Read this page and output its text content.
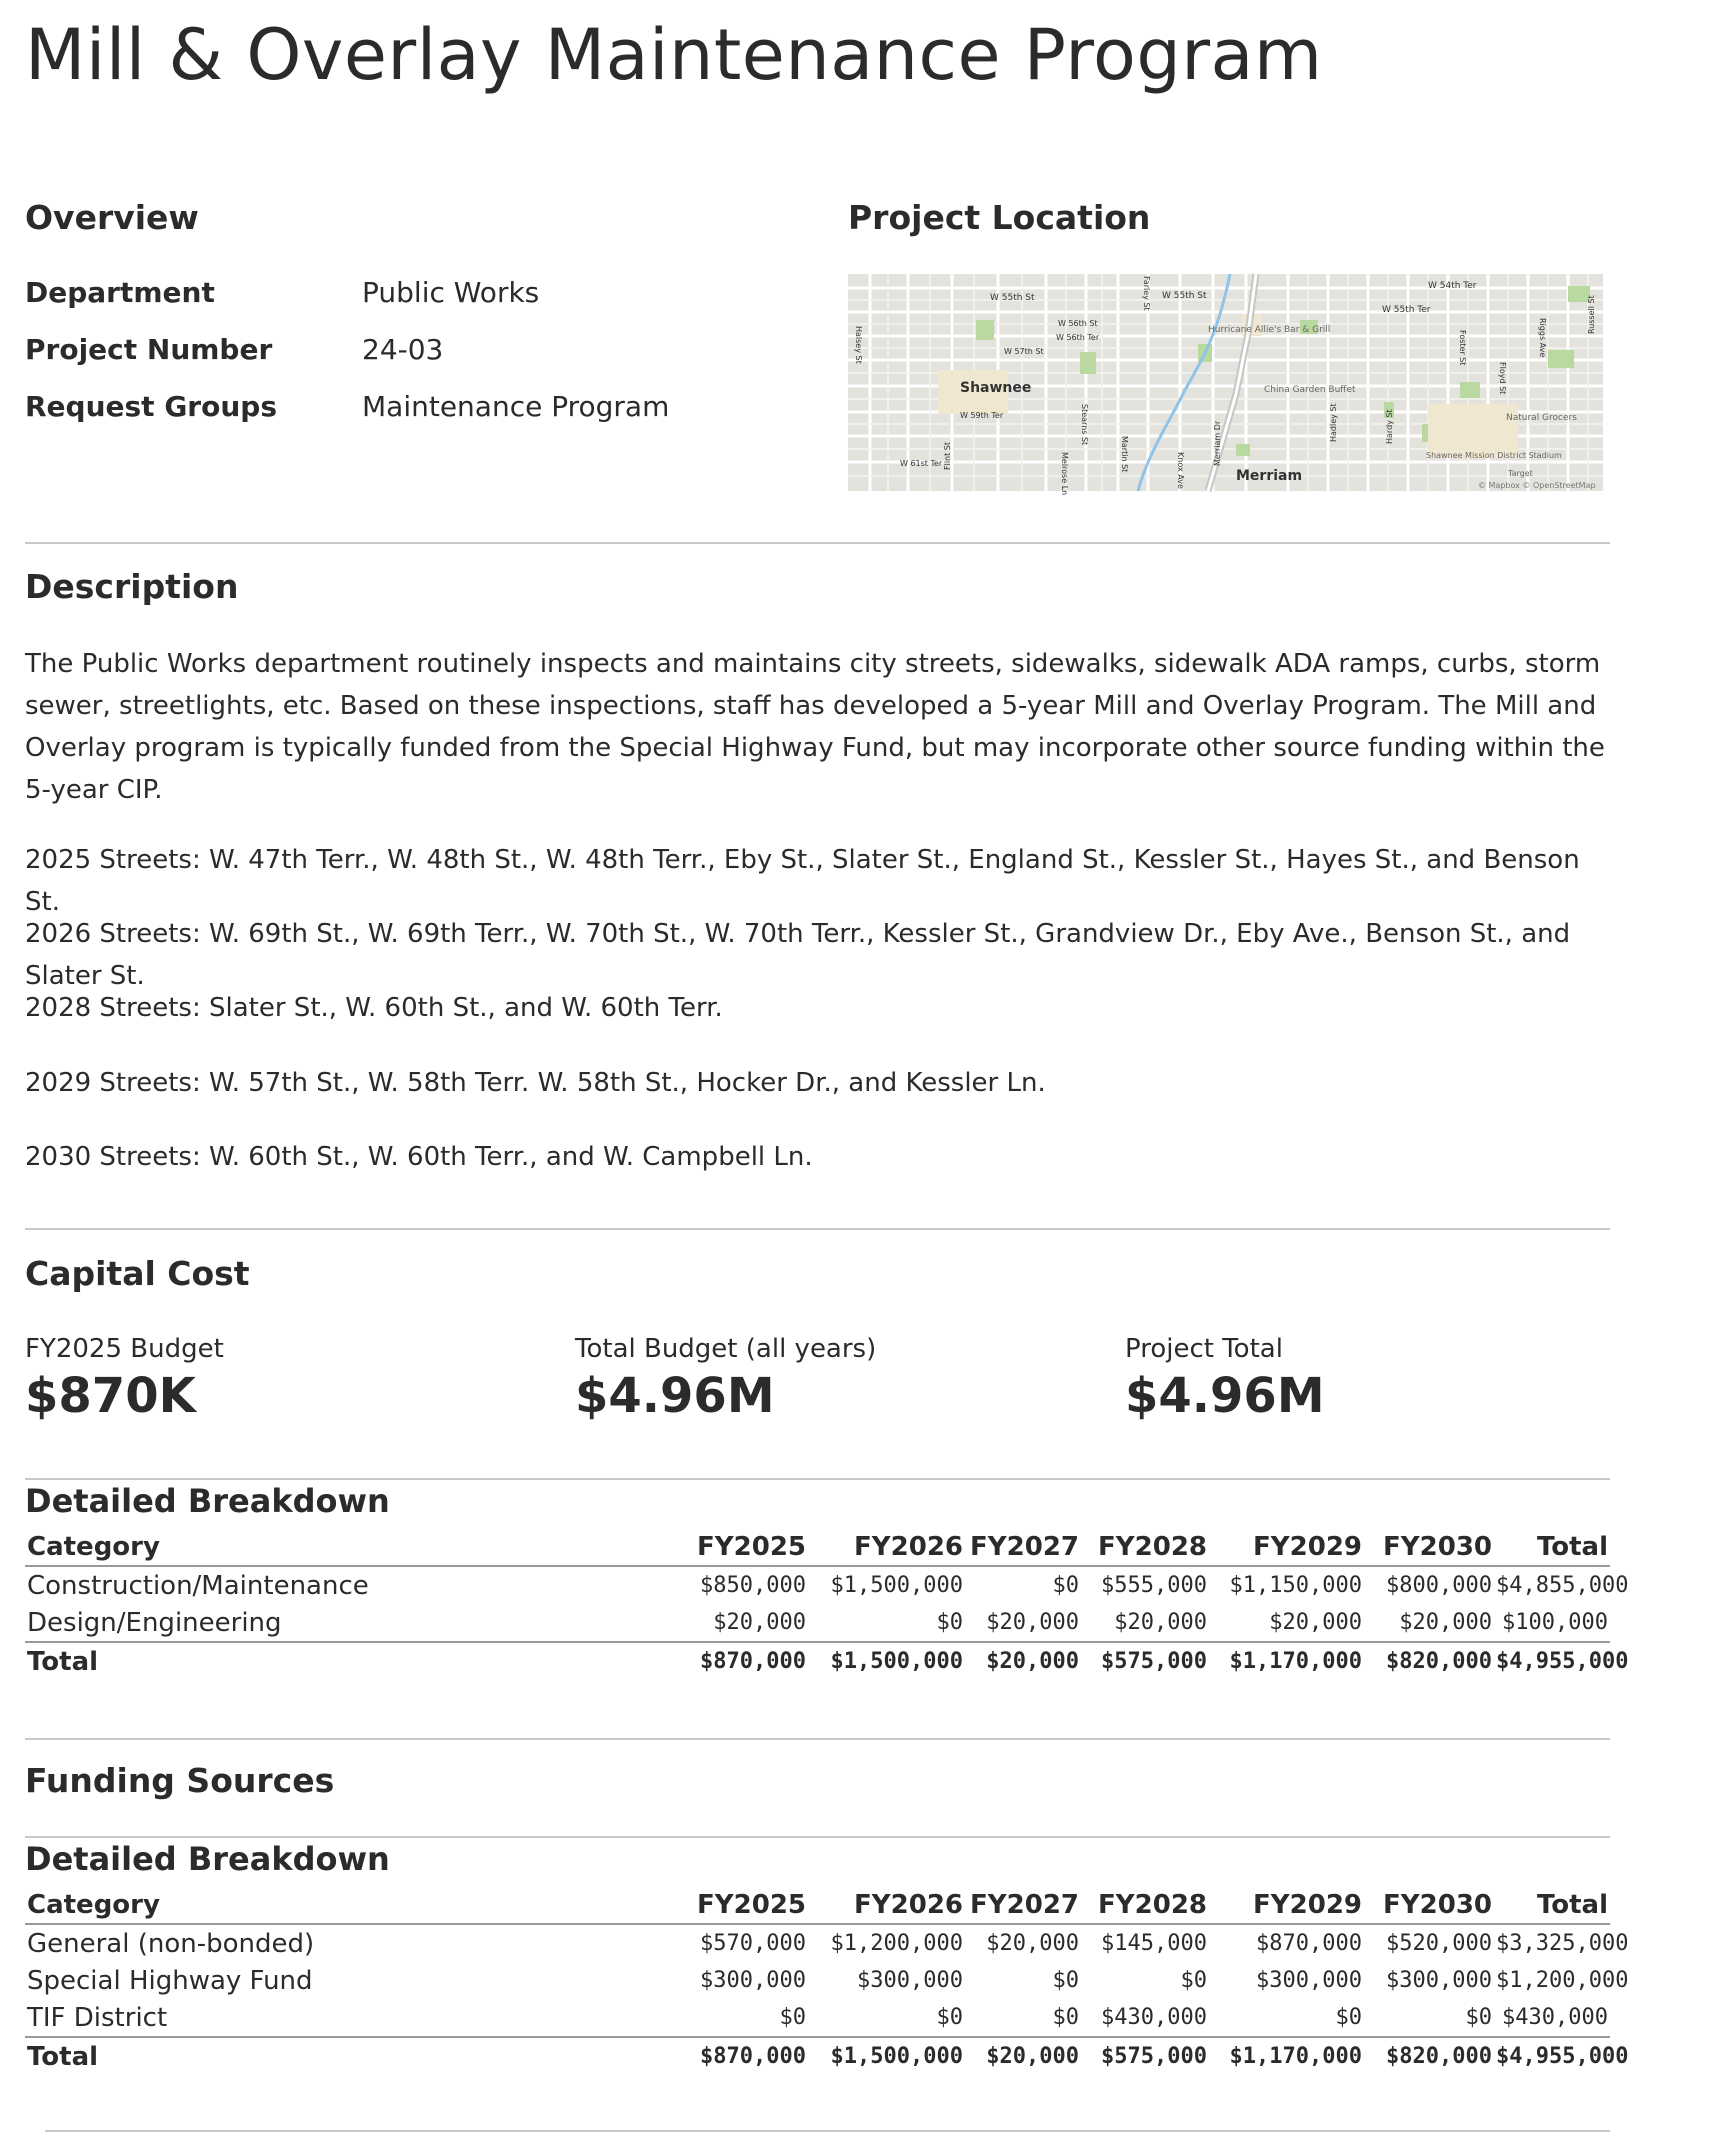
Mill & Overlay Maintenance Program
Overview
Department	Public Works
Project Number	24-03
Request Groups	Maintenance Program
Project Location
Shawnee
Merriam
Hurricane Allie's Bar & Grill
China Garden Buffet
Natural Grocers
Shawnee Mission District Stadium
Target
W 55th St	W 55th St
W 54th Ter
W 55th Ter
W 56th St
W 56th Ter
W 57th St
W 59th Ter
W 61st Ter	Merriam Dr
Knox Ave
Foster St
Floyd St
Riggs Ave
Russell St
Hardy St
Hadley St
Halsey St
Farley St
Stearns St
Martin St
Melrose Ln
Flint St
© Mapbox © OpenStreetMap
Description

The Public Works department routinely inspects and maintains city streets, sidewalks, sidewalk ADA ramps, curbs, storm sewer, streetlights, etc. Based on these inspections, staff has developed a 5-year Mill and Overlay Program. The Mill and Overlay program is typically funded from the Special Highway Fund, but may incorporate other source funding within the 5-year CIP.

2025 Streets: W. 47th Terr., W. 48th St., W. 48th Terr., Eby St., Slater St., England St., Kessler St., Hayes St., and Benson St.

2026 Streets: W. 69th St., W. 69th Terr., W. 70th St., W. 70th Terr., Kessler St., Grandview Dr., Eby Ave., Benson St., and Slater St.

2028 Streets: Slater St., W. 60th St., and W. 60th Terr.

2029 Streets: W. 57th St., W. 58th Terr. W. 58th St., Hocker Dr., and Kessler Ln.

2030 Streets: W. 60th St., W. 60th Terr., and W. Campbell Ln.

Capital Cost
FY2025 Budget
$870K
Total Budget (all years)
$4.96M
Project Total
$4.96M
Detailed Breakdown
Category	FY2025	FY2026	FY2027	FY2028	FY2029	FY2030	Total
Construction/Maintenance	$850,000	$1,500,000	$0	$555,000	$1,150,000	$800,000	$4,855,000
Design/Engineering	$20,000	$0	$20,000	$20,000	$20,000	$20,000	$100,000
Total	$870,000	$1,500,000	$20,000	$575,000	$1,170,000	$820,000	$4,955,000
Funding Sources
Detailed Breakdown
Category	FY2025	FY2026	FY2027	FY2028	FY2029	FY2030	Total
General (non-bonded)	$570,000	$1,200,000	$20,000	$145,000	$870,000	$520,000	$3,325,000
Special Highway Fund	$300,000	$300,000	$0	$0	$300,000	$300,000	$1,200,000
TIF District	$0	$0	$0	$430,000	$0	$0	$430,000
Total	$870,000	$1,500,000	$20,000	$575,000	$1,170,000	$820,000	$4,955,000
